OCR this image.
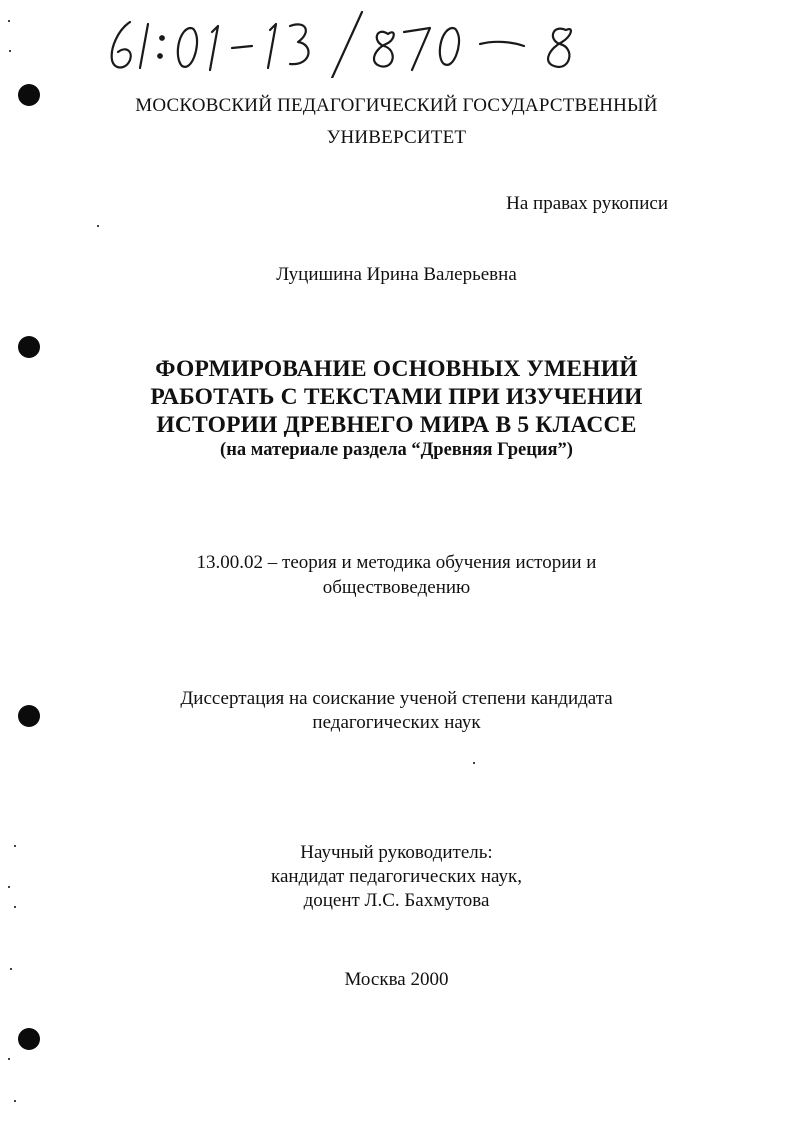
МОСКОВСКИЙ ПЕДАГОГИЧЕСКИЙ ГОСУДАРСТВЕННЫЙ
УНИВЕРСИТЕТ
На правах рукописи
Луцишина Ирина Валерьевна
ФОРМИРОВАНИЕ ОСНОВНЫХ УМЕНИЙ
РАБОТАТЬ С ТЕКСТАМИ ПРИ ИЗУЧЕНИИ
ИСТОРИИ ДРЕВНЕГО МИРА В 5 КЛАССЕ
(на материале раздела “Древняя Греция”)
13.00.02 – теория и методика обучения истории и
обществоведению
Диссертация на соискание ученой степени кандидата
педагогических наук
Научный руководитель:
кандидат педагогических наук,
доцент Л.С. Бахмутова
Москва 2000
